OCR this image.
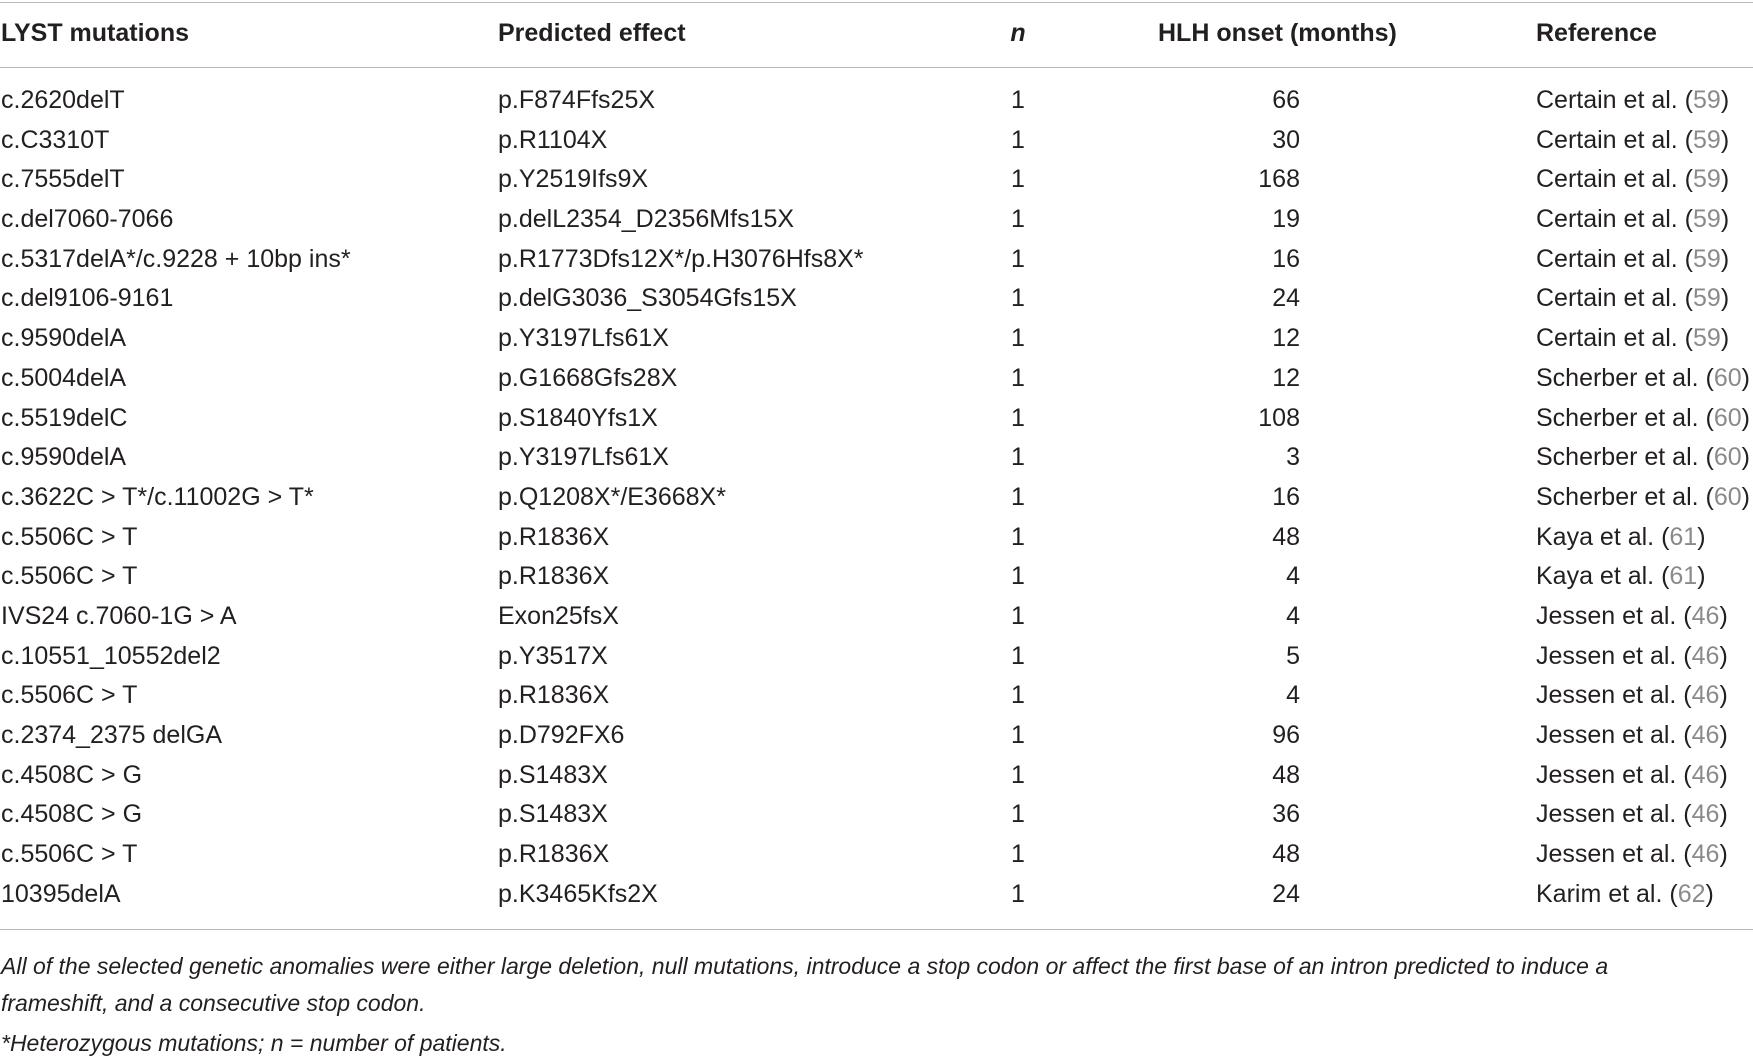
LYST mutations	Predicted effect	n	HLH onset (months)	Reference
c.2620delT	p.F874Ffs25X	1	66	Certain et al. (59)
c.C3310T	p.R1104X	1	30	Certain et al. (59)
c.7555delT	p.Y2519Ifs9X	1	168	Certain et al. (59)
c.del7060-7066	p.delL2354_D2356Mfs15X	1	19	Certain et al. (59)
c.5317delA*/c.9228 + 10bp ins*	p.R1773Dfs12X*/p.H3076Hfs8X*	1	16	Certain et al. (59)
c.del9106-9161	p.delG3036_S3054Gfs15X	1	24	Certain et al. (59)
c.9590delA	p.Y3197Lfs61X	1	12	Certain et al. (59)
c.5004delA	p.G1668Gfs28X	1	12	Scherber et al. (60)
c.5519delC	p.S1840Yfs1X	1	108	Scherber et al. (60)
c.9590delA	p.Y3197Lfs61X	1	3	Scherber et al. (60)
c.3622C > T*/c.11002G > T*	p.Q1208X*/E3668X*	1	16	Scherber et al. (60)
c.5506C > T	p.R1836X	1	48	Kaya et al. (61)
c.5506C > T	p.R1836X	1	4	Kaya et al. (61)
IVS24 c.7060-1G > A	Exon25fsX	1	4	Jessen et al. (46)
c.10551_10552del2	p.Y3517X	1	5	Jessen et al. (46)
c.5506C > T	p.R1836X	1	4	Jessen et al. (46)
c.2374_2375 delGA	p.D792FX6	1	96	Jessen et al. (46)
c.4508C > G	p.S1483X	1	48	Jessen et al. (46)
c.4508C > G	p.S1483X	1	36	Jessen et al. (46)
c.5506C > T	p.R1836X	1	48	Jessen et al. (46)
10395delA	p.K3465Kfs2X	1	24	Karim et al. (62)
All of the selected genetic anomalies were either large deletion, null mutations, introduce a stop codon or affect the first base of an intron predicted to induce a
frameshift, and a consecutive stop codon.
*Heterozygous mutations; n = number of patients.
